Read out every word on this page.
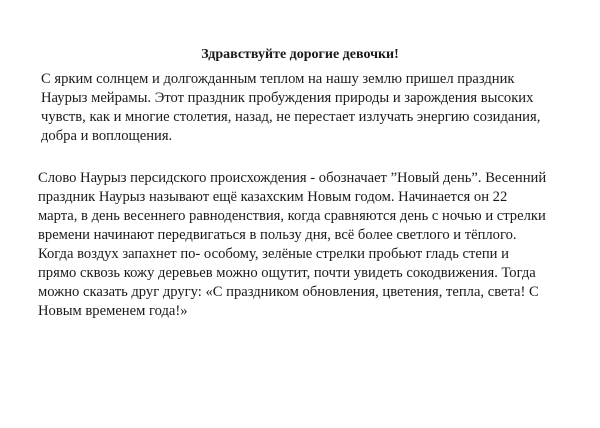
Здравствуйте дорогие девочки!

С ярким солнцем и долгожданным теплом на нашу землю пришел праздник
Наурыз мейрамы. Этот праздник пробуждения природы и зарождения высоких
чувств, как и многие столетия, назад, не перестает излучать энергию созидания,
добра и воплощения.

Слово Наурыз персидского происхождения - обозначает ”Новый день”. Весенний
праздник Наурыз называют ещё казахским Новым годом. Начинается он 22
марта, в день весеннего равноденствия, когда сравняются день с ночью и стрелки
времени начинают передвигаться в пользу дня, всё более светлого и тёплого.
Когда воздух запахнет по- особому, зелёные стрелки пробьют гладь степи и
прямо сквозь кожу деревьев можно ощутит, почти увидеть сокодвижения. Тогда
можно сказать друг другу: «С праздником обновления, цветения, тепла, света! С
Новым временем года!»
